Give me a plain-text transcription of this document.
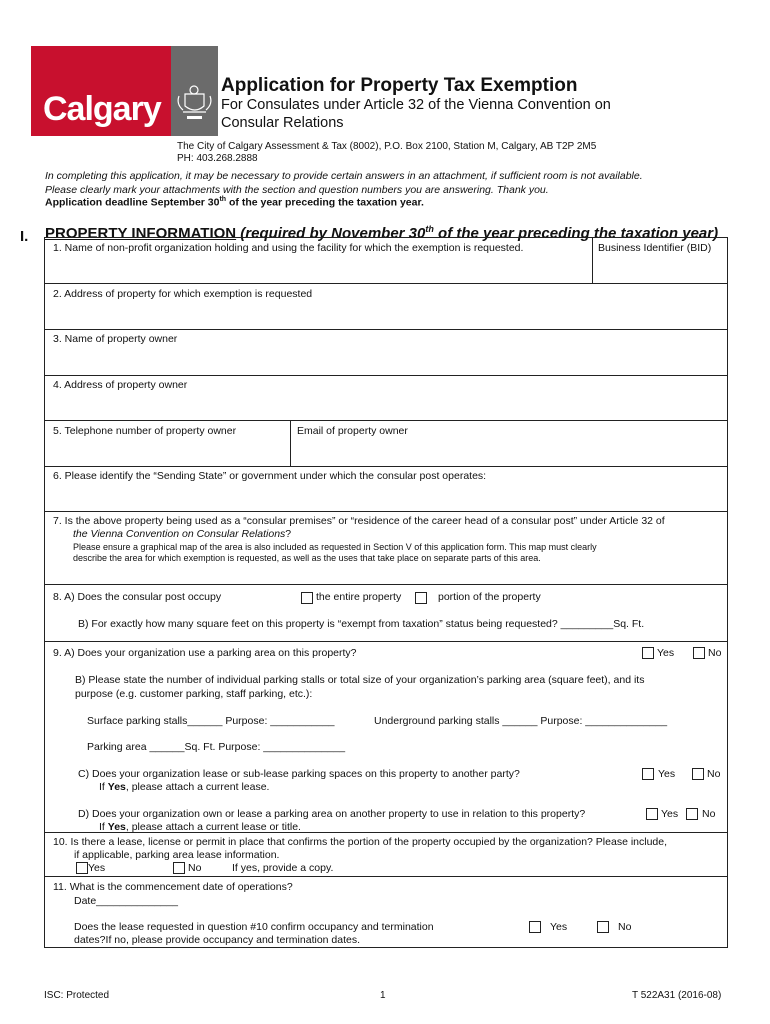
Calgary
Application for Property Tax Exemption
For Consulates under Article 32 of the Vienna Convention on
Consular Relations
The City of Calgary Assessment & Tax (8002), P.O. Box 2100, Station M, Calgary, AB T2P 2M5
PH: 403.268.2888
In completing this application, it may be necessary to provide certain answers in an attachment, if sufficient room is not available.
Please clearly mark your attachments with the section and question numbers you are answering. Thank you.
Application deadline September 30th of the year preceding the taxation year.
I. PROPERTY INFORMATION (required by November 30th of the year preceding the taxation year)
1. Name of non-profit organization holding and using the facility for which the exemption is requested.	Business Identifier (BID)
2. Address of property for which exemption is requested
3. Name of property owner
4. Address of property owner
5. Telephone number of property owner	Email of property owner
6. Please identify the “Sending State” or government under which the consular post operates:
7. Is the above property being used as a “consular premises” or “residence of the career head of a consular post” under Article 32 of
the Vienna Convention on Consular Relations?
Please ensure a graphical map of the area is also included as requested in Section V of this application form. This map must clearly
describe the area for which exemption is requested, as well as the uses that take place on separate parts of this area.
8. A) Does the consular post occupy	the entire property	portion of the property
B) For exactly how many square feet on this property is “exempt from taxation” status being requested? _________Sq. Ft.
9. A) Does your organization use a parking area on this property?	Yes	No
B) Please state the number of individual parking stalls or total size of your organization’s parking area (square feet), and its
purpose (e.g. customer parking, staff parking, etc.):
Surface parking stalls______ Purpose: ___________	Underground parking stalls ______ Purpose: ______________
Parking area ______Sq. Ft. Purpose: ______________
C) Does your organization lease or sub-lease parking spaces on this property to another party?
If Yes, please attach a current lease.
Yes	No
D) Does your organization own or lease a parking area on another property to use in relation to this property?
If Yes, please attach a current lease or title.
Yes No
10. Is there a lease, license or permit in place that confirms the portion of the property occupied by the organization? Please include,
if applicable, parking area lease information.
Yes	No	If yes, provide a copy.
11. What is the commencement date of operations?
Date______________
Does the lease requested in question #10 confirm occupancy and termination
dates?If no, please provide occupancy and termination dates.
Yes	No
ISC: Protected	1	T 522A31 (2016-08)
